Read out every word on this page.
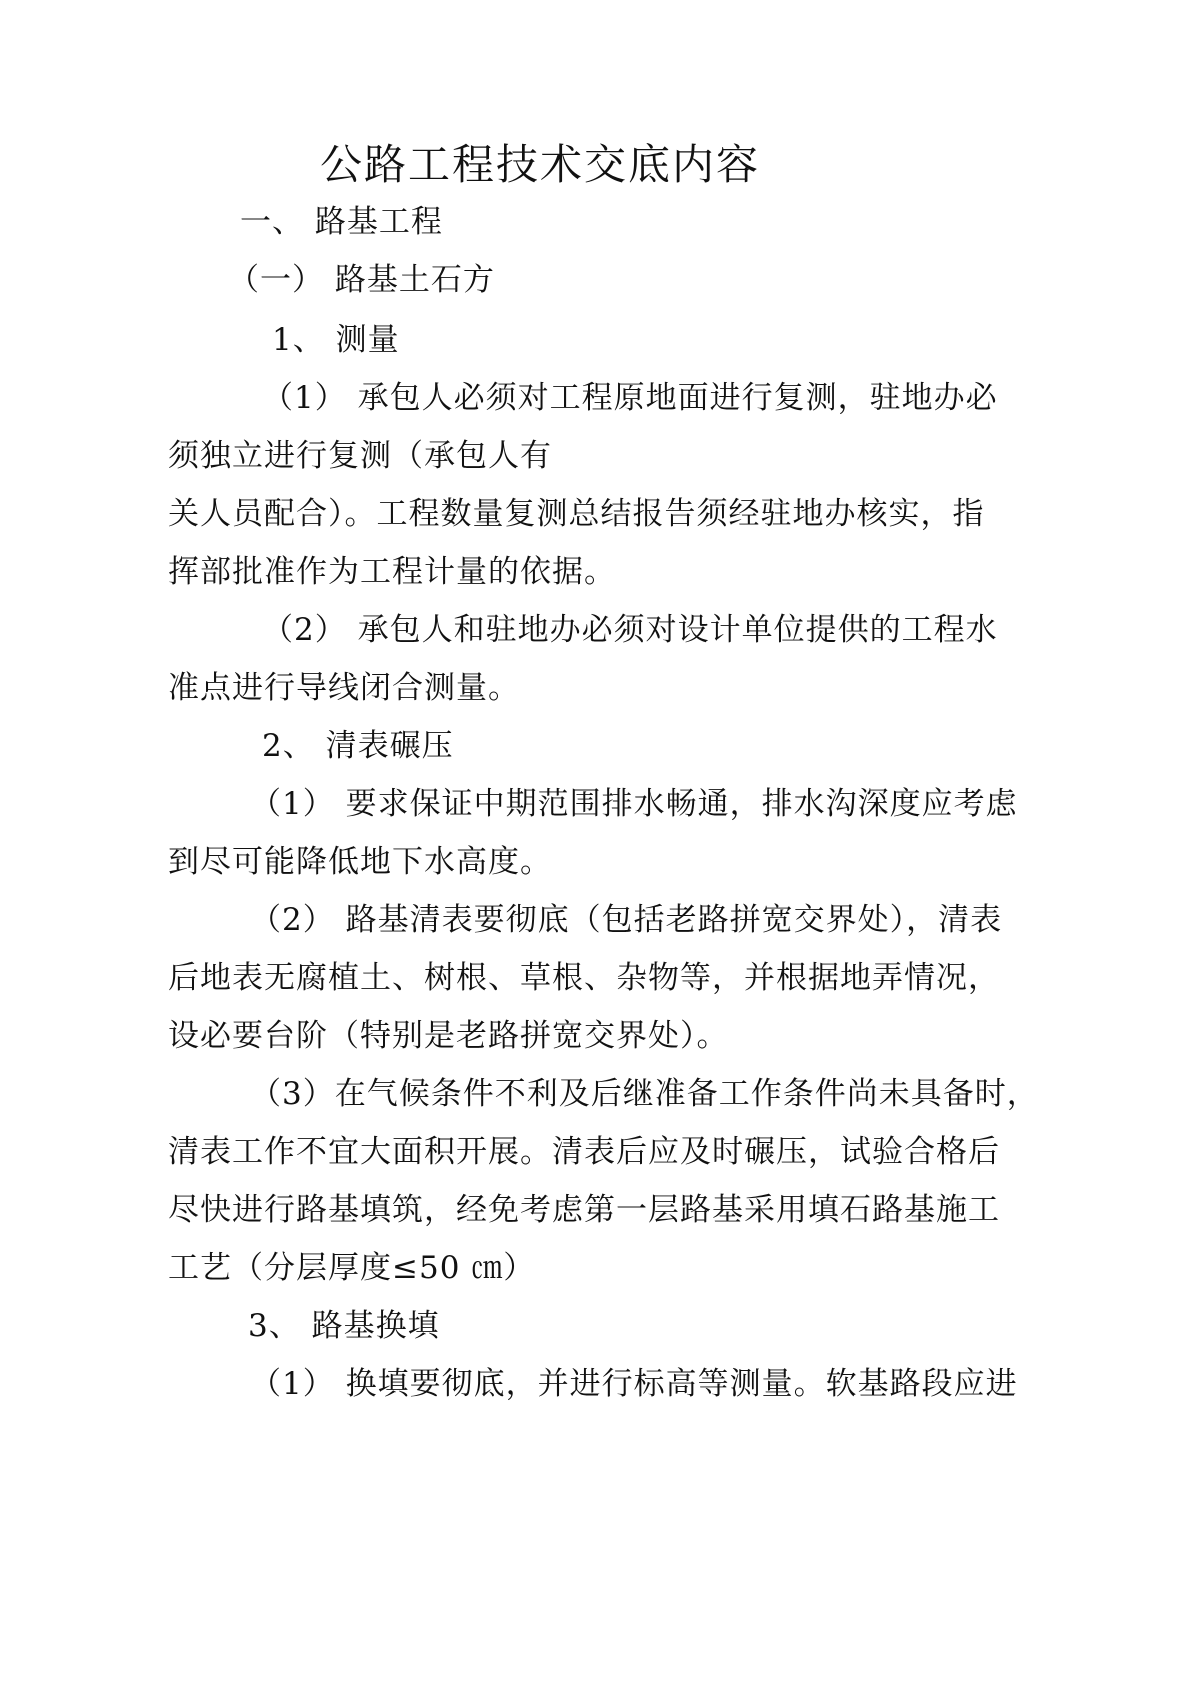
公路工程技术交底内容
一、 路基工程
（一） 路基土石方
1、 测量
（1） 承包人必须对工程原地面进行复测，驻地办必
须独立进行复测（承包人有
关人员配合）。工程数量复测总结报告须经驻地办核实，指
挥部批准作为工程计量的依据。
（2） 承包人和驻地办必须对设计单位提供的工程水
准点进行导线闭合测量。
2、 清表碾压
（1） 要求保证中期范围排水畅通，排水沟深度应考虑
到尽可能降低地下水高度。
（2） 路基清表要彻底（包括老路拼宽交界处），清表
后地表无腐植土、树根、草根、杂物等，并根据地弄情况，
设必要台阶（特别是老路拼宽交界处）。
（3）在气候条件不利及后继准备工作条件尚未具备时，
清表工作不宜大面积开展。清表后应及时碾压，试验合格后
尽快进行路基填筑，经免考虑第一层路基采用填石路基施工
工艺（分层厚度≤50 ㎝）
3、 路基换填
（1） 换填要彻底，并进行标高等测量。软基路段应进
